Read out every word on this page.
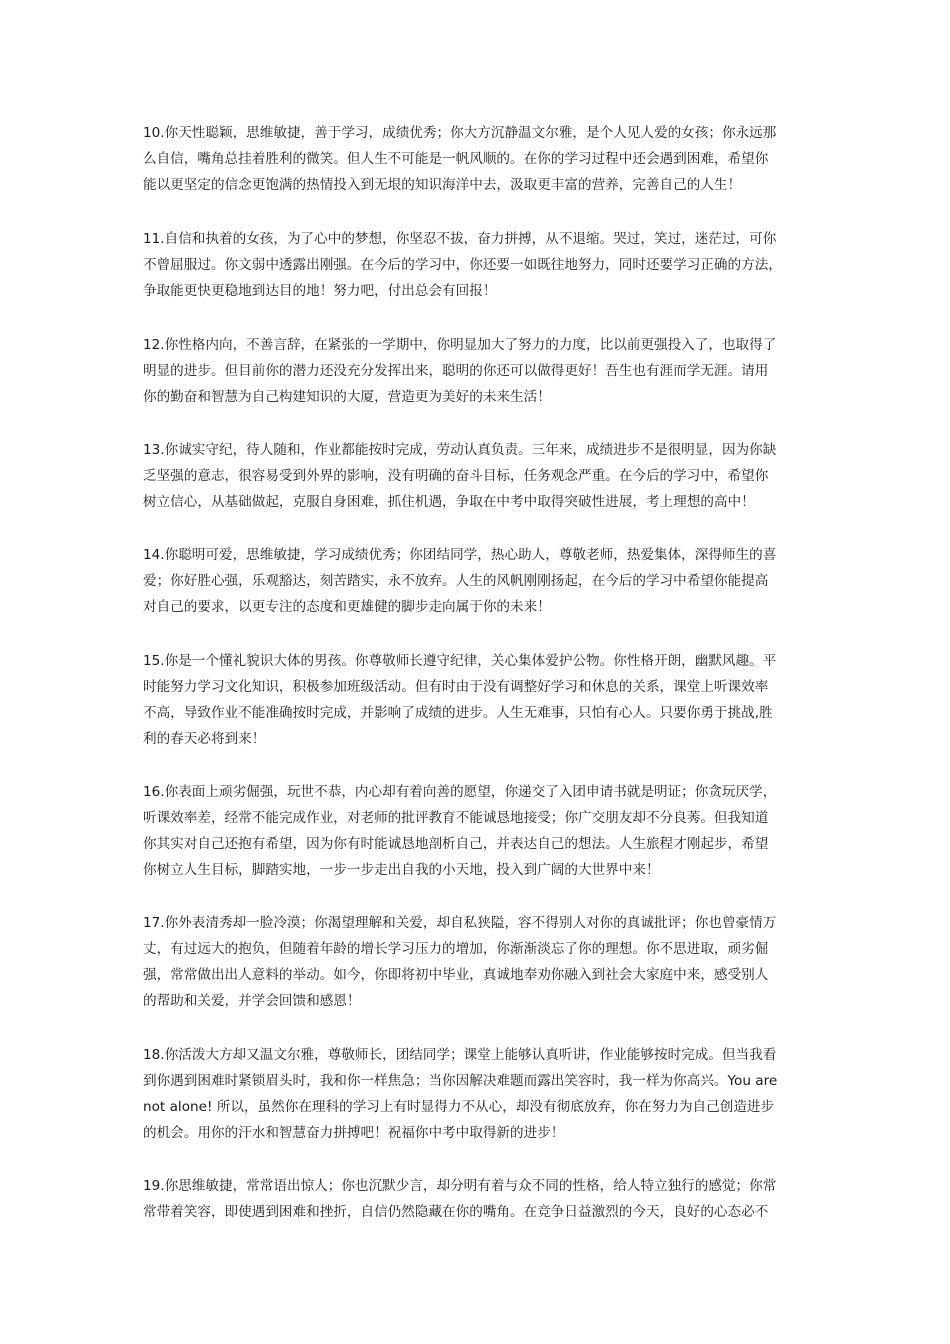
10.你天性聪颖，思维敏捷，善于学习，成绩优秀；你大方沉静温文尔雅，是个人见人爱的女孩；你永远那
么自信，嘴角总挂着胜利的微笑。但人生不可能是一帆风顺的。在你的学习过程中还会遇到困难，希望你
能以更坚定的信念更饱满的热情投入到无垠的知识海洋中去，汲取更丰富的营养，完善自己的人生！
11.自信和执着的女孩，为了心中的梦想，你坚忍不拔，奋力拼搏，从不退缩。哭过，笑过，迷茫过，可你
不曾屈服过。你文弱中透露出刚强。在今后的学习中，你还要一如既往地努力，同时还要学习正确的方法，
争取能更快更稳地到达目的地！努力吧，付出总会有回报！
12.你性格内向，不善言辞，在紧张的一学期中，你明显加大了努力的力度，比以前更强投入了，也取得了
明显的进步。但目前你的潜力还没充分发挥出来，聪明的你还可以做得更好！吾生也有涯而学无涯。请用
你的勤奋和智慧为自己构建知识的大厦，营造更为美好的未来生活！
13.你诚实守纪，待人随和，作业都能按时完成，劳动认真负责。三年来，成绩进步不是很明显，因为你缺
乏坚强的意志，很容易受到外界的影响，没有明确的奋斗目标，任务观念严重。在今后的学习中，希望你
树立信心，从基础做起，克服自身困难，抓住机遇，争取在中考中取得突破性进展，考上理想的高中！
14.你聪明可爱，思维敏捷，学习成绩优秀；你团结同学，热心助人，尊敬老师，热爱集体，深得师生的喜
爱；你好胜心强，乐观豁达，刻苦踏实，永不放弃。人生的风帆刚刚扬起，在今后的学习中希望你能提高
对自己的要求，以更专注的态度和更雄健的脚步走向属于你的未来！
15.你是一个懂礼貌识大体的男孩。你尊敬师长遵守纪律，关心集体爱护公物。你性格开朗，幽默风趣。平
时能努力学习文化知识，积极参加班级活动。但有时由于没有调整好学习和休息的关系，课堂上听课效率
不高，导致作业不能准确按时完成，并影响了成绩的进步。人生无难事，只怕有心人。只要你勇于挑战,胜
利的春天必将到来！
16.你表面上顽劣倔强，玩世不恭，内心却有着向善的愿望，你递交了入团申请书就是明证；你贪玩厌学，
听课效率差，经常不能完成作业，对老师的批评教育不能诚恳地接受；你广交朋友却不分良莠。但我知道
你其实对自己还抱有希望，因为你有时能诚恳地剖析自己，并表达自己的想法。人生旅程才刚起步，希望
你树立人生目标，脚踏实地，一步一步走出自我的小天地，投入到广阔的大世界中来！
17.你外表清秀却一脸冷漠；你渴望理解和关爱，却自私狭隘，容不得别人对你的真诚批评；你也曾豪情万
丈，有过远大的抱负，但随着年龄的增长学习压力的增加，你渐渐淡忘了你的理想。你不思进取，顽劣倔
强，常常做出出人意料的举动。如今，你即将初中毕业，真诚地奉劝你融入到社会大家庭中来，感受别人
的帮助和关爱，并学会回馈和感恩！
18.你活泼大方却又温文尔雅，尊敬师长，团结同学；课堂上能够认真听讲，作业能够按时完成。但当我看
到你遇到困难时紧锁眉头时，我和你一样焦急；当你因解决难题而露出笑容时，我一样为你高兴。You are
not alone! 所以，虽然你在理科的学习上有时显得力不从心，却没有彻底放弃，你在努力为自己创造进步
的机会。用你的汗水和智慧奋力拼搏吧！祝福你中考中取得新的进步！
19.你思维敏捷，常常语出惊人；你也沉默少言，却分明有着与众不同的性格，给人特立独行的感觉；你常
常带着笑容，即使遇到困难和挫折，自信仍然隐藏在你的嘴角。在竞争日益激烈的今天，良好的心态必不
